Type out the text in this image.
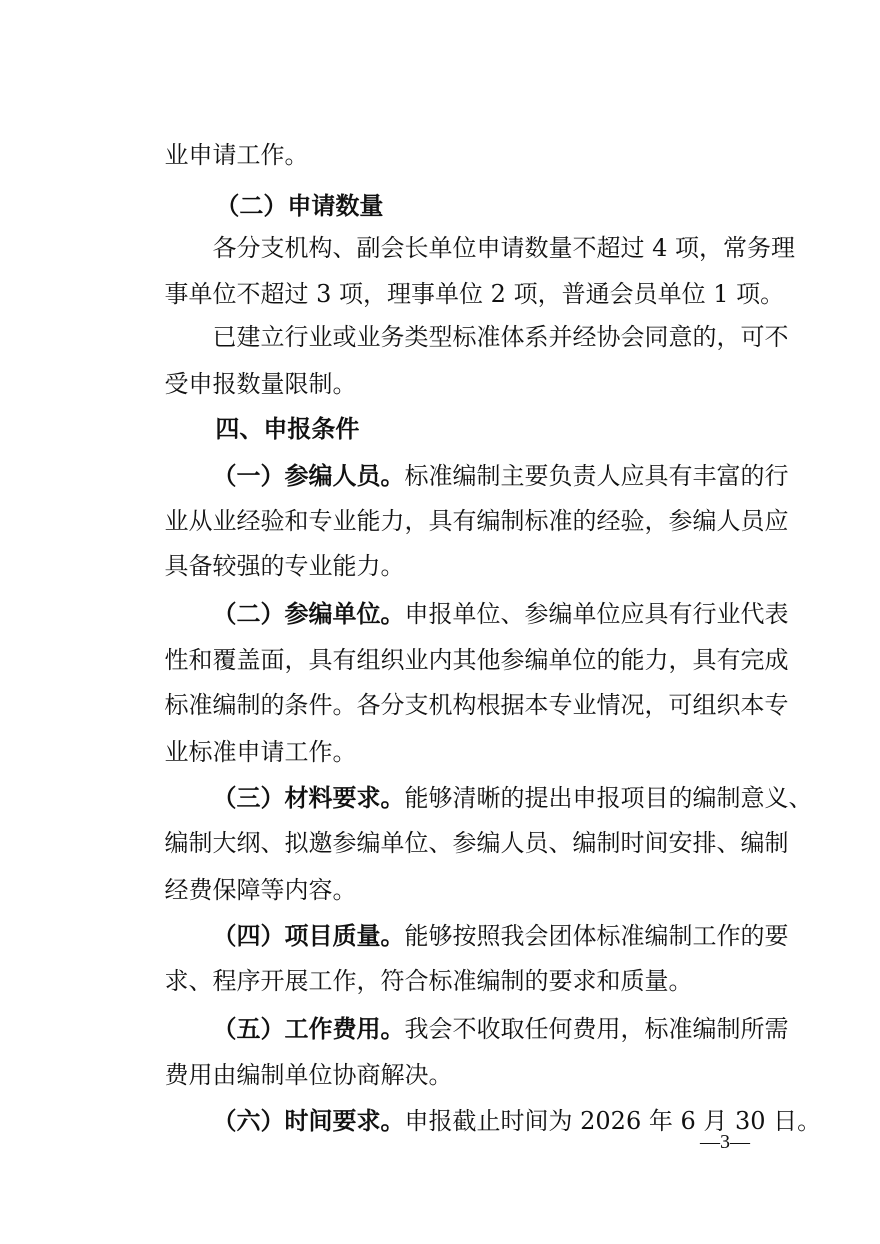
业申请工作。

（二）申请数量

各分支机构、副会长单位申请数量不超过 4 项，常务理

事单位不超过 3 项，理事单位 2 项，普通会员单位 1 项。

已建立行业或业务类型标准体系并经协会同意的，可不

受申报数量限制。

四、申报条件

（一）参编人员。标准编制主要负责人应具有丰富的行

业从业经验和专业能力，具有编制标准的经验，参编人员应

具备较强的专业能力。

（二）参编单位。申报单位、参编单位应具有行业代表

性和覆盖面，具有组织业内其他参编单位的能力，具有完成

标准编制的条件。各分支机构根据本专业情况，可组织本专

业标准申请工作。

（三）材料要求。能够清晰的提出申报项目的编制意义、

编制大纲、拟邀参编单位、参编人员、编制时间安排、编制

经费保障等内容。

（四）项目质量。能够按照我会团体标准编制工作的要

求、程序开展工作，符合标准编制的要求和质量。

（五）工作费用。我会不收取任何费用，标准编制所需

费用由编制单位协商解决。

（六）时间要求。申报截止时间为 2026 年 6 月 30 日。

—3—
